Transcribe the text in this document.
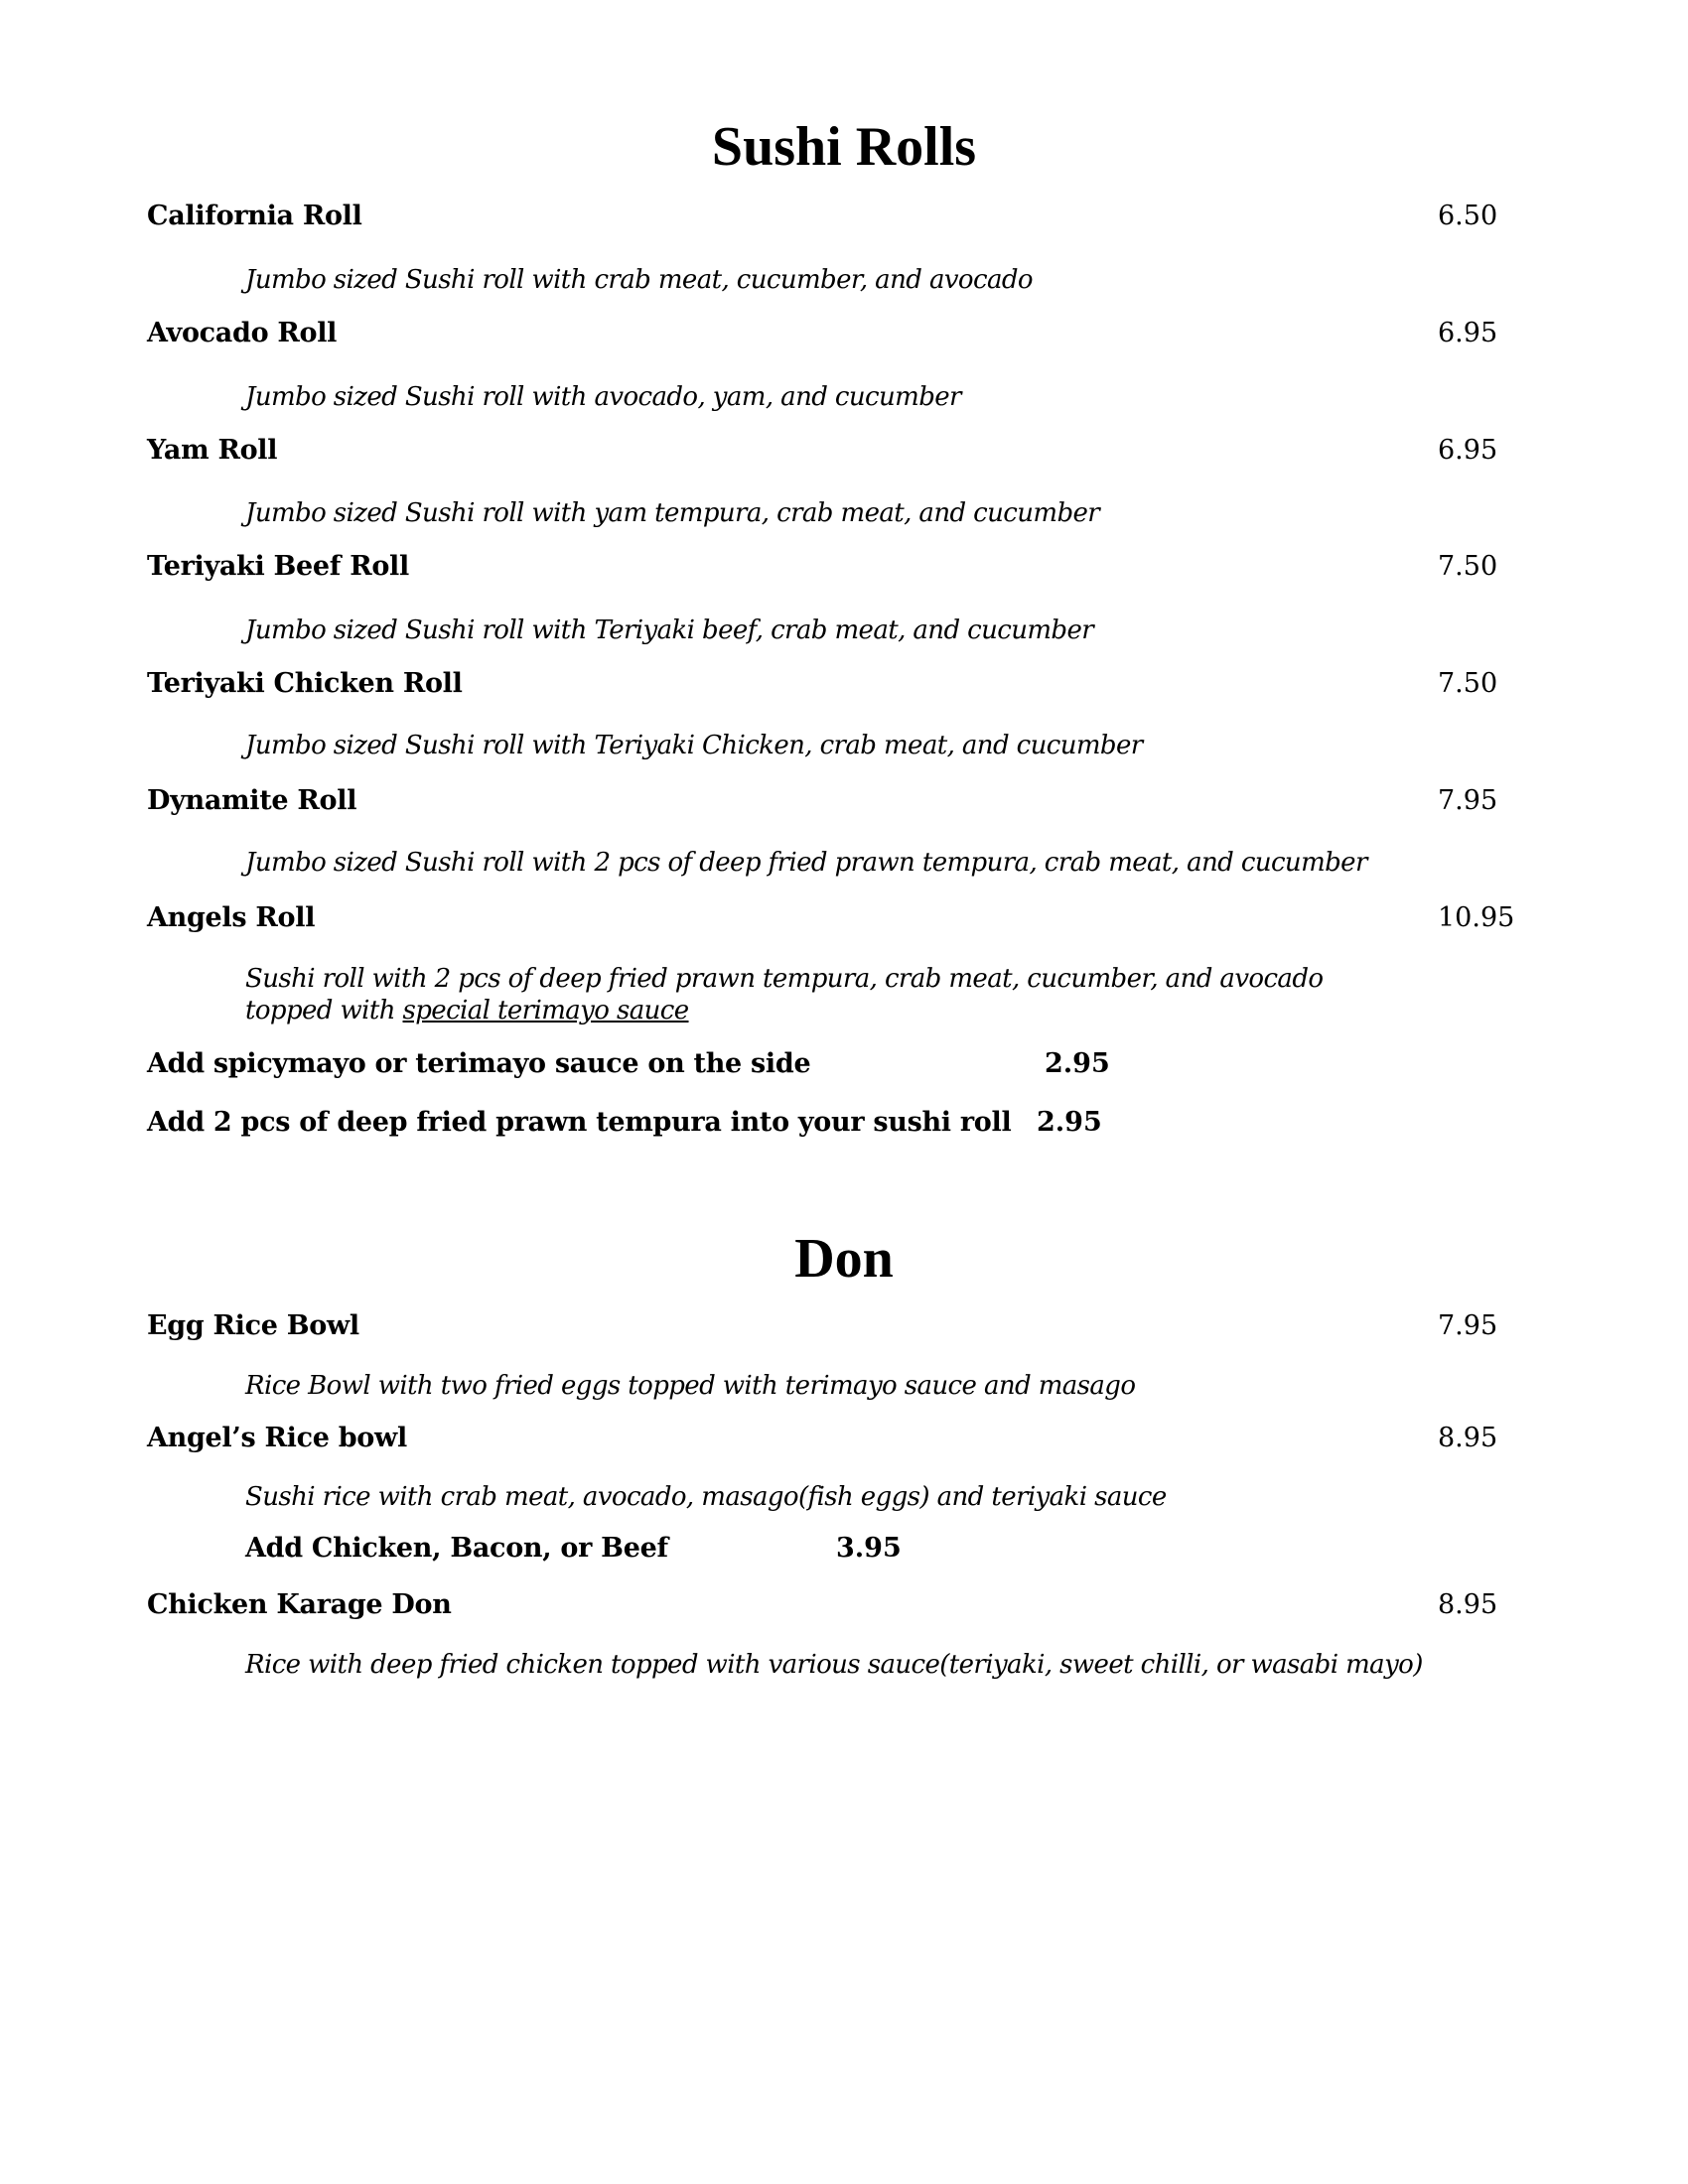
Sushi Rolls
California Roll	6.50
Jumbo sized Sushi roll with crab meat, cucumber, and avocado
Avocado Roll	6.95
Jumbo sized Sushi roll with avocado, yam, and cucumber
Yam Roll	6.95
Jumbo sized Sushi roll with yam tempura, crab meat, and cucumber
Teriyaki Beef Roll	7.50
Jumbo sized Sushi roll with Teriyaki beef, crab meat, and cucumber
Teriyaki Chicken Roll	7.50
Jumbo sized Sushi roll with Teriyaki Chicken, crab meat, and cucumber
Dynamite Roll	7.95
Jumbo sized Sushi roll with 2 pcs of deep fried prawn tempura, crab meat, and cucumber
Angels Roll	10.95
Sushi roll with 2 pcs of deep fried prawn tempura, crab meat, cucumber, and avocado
topped with special terimayo sauce
Add spicymayo or terimayo sauce on the side	2.95
Add 2 pcs of deep fried prawn tempura into your sushi roll 2.95
Don
Egg Rice Bowl	7.95
Rice Bowl with two fried eggs topped with terimayo sauce and masago
Angel’s Rice bowl	8.95
Sushi rice with crab meat, avocado, masago(fish eggs) and teriyaki sauce
Add Chicken, Bacon, or Beef	3.95
Chicken Karage Don	8.95
Rice with deep fried chicken topped with various sauce(teriyaki, sweet chilli, or wasabi mayo)
